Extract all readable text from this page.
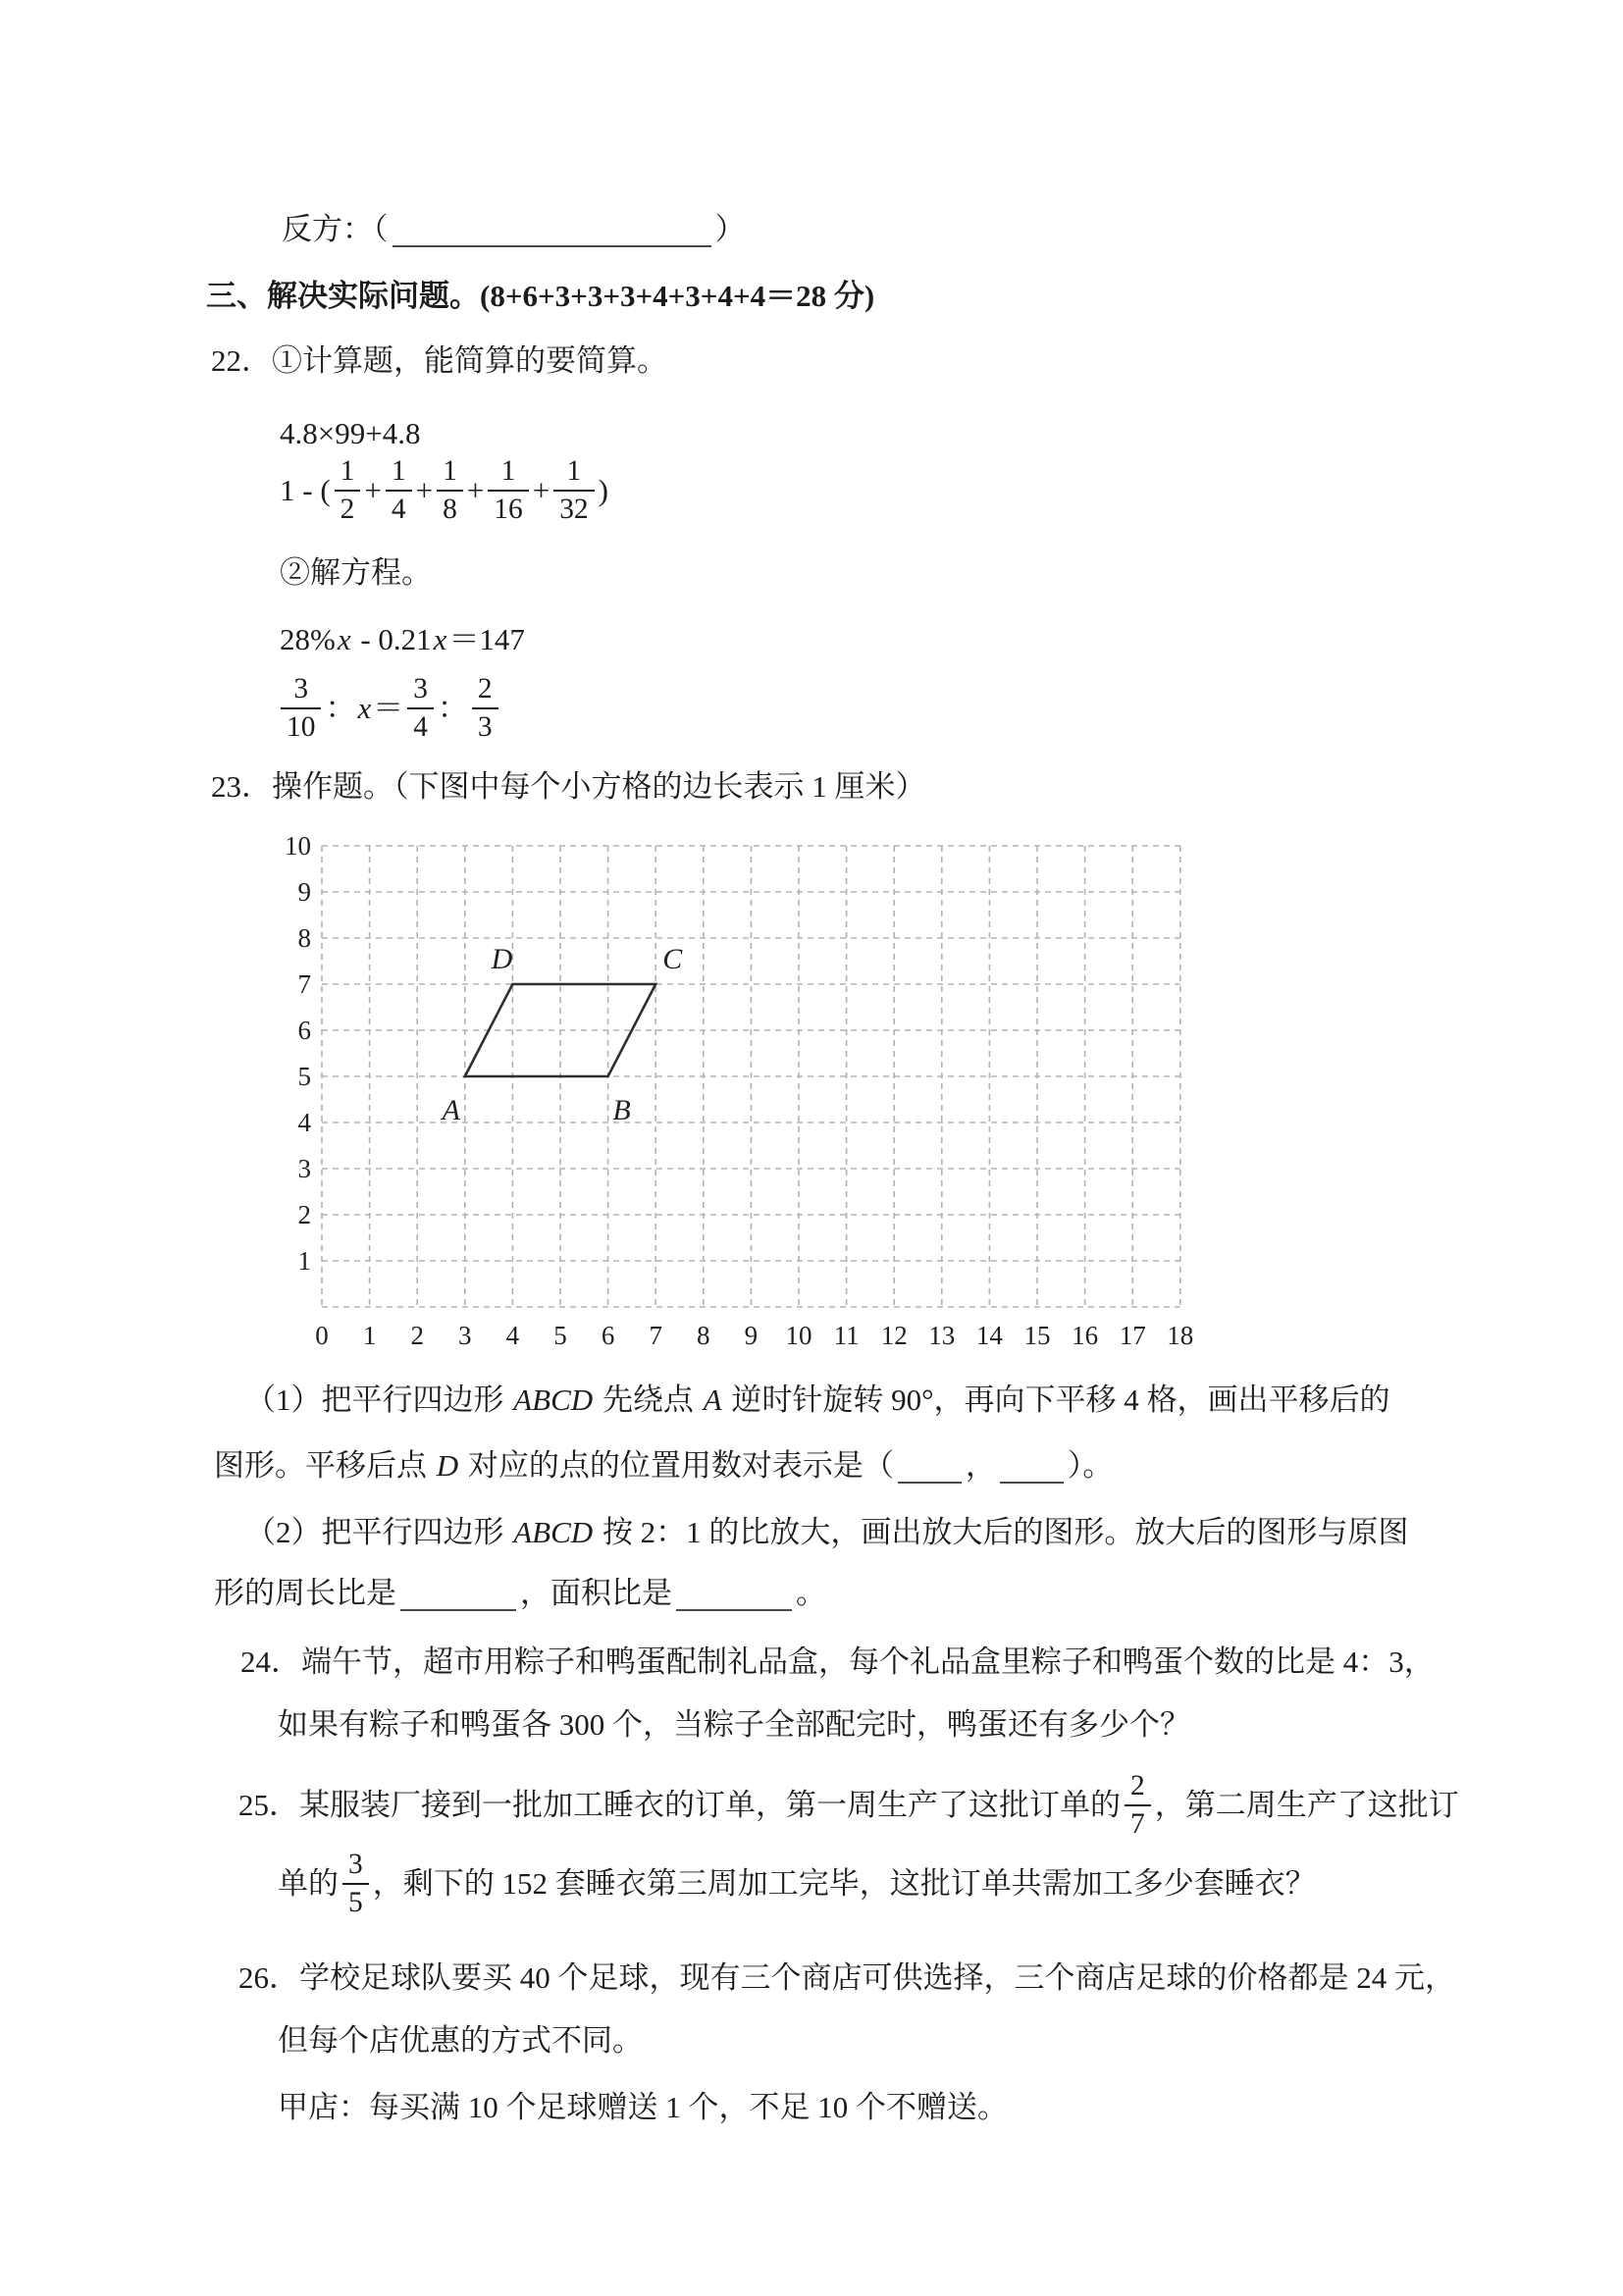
反方：（	）
三、解决实际问题。(8+6+3+3+3+4+3+4+4＝28 分)
22．①计算题，能简算的要简算。
4.8×99+4.8
1 - ( $\frac{1}{2} + \frac{1}{4} + \frac{1}{8} + \frac{1}{16} + \frac{1}{32}$ )
②解方程。
28% x - 0.21 x ＝147
$\frac{3}{10}$ ： $x = \frac{3}{4}$ ： $\frac{2}{3}$
23．操作题。（下图中每个小方格的边长表示 1 厘米）
10
9
8
7
6
5
4
3
2
1
0 1 2 3 4 5 6 7 8 9 10 11 12 13 14 15 16 17 18
A	B
C
D
（1）把平行四边形 ABCD 先绕点 A 逆时针旋转 90°，再向下平移 4 格，画出平移后的
图形。平移后点 D 对应的点的位置用数对表示是（ ， ）。
（2）把平行四边形 ABCD 按 2：1 的比放大，画出放大后的图形。放大后的图形与原图
形的周长比是	，面积比是	。
24．端午节，超市用粽子和鸭蛋配制礼品盒，每个礼品盒里粽子和鸭蛋个数的比是 4：3，
如果有粽子和鸭蛋各 300 个，当粽子全部配完时，鸭蛋还有多少个？
25．某服装厂接到一批加工睡衣的订单，第一周生产了这批订单的 $\frac{2}{7}$ ，第二周生产了这批订
单的 $\frac{3}{5}$ ，剩下的 152 套睡衣第三周加工完毕，这批订单共需加工多少套睡衣？
26．学校足球队要买 40 个足球，现有三个商店可供选择，三个商店足球的价格都是 24 元，
但每个店优惠的方式不同。
甲店：每买满 10 个足球赠送 1 个，不足 10 个不赠送。
